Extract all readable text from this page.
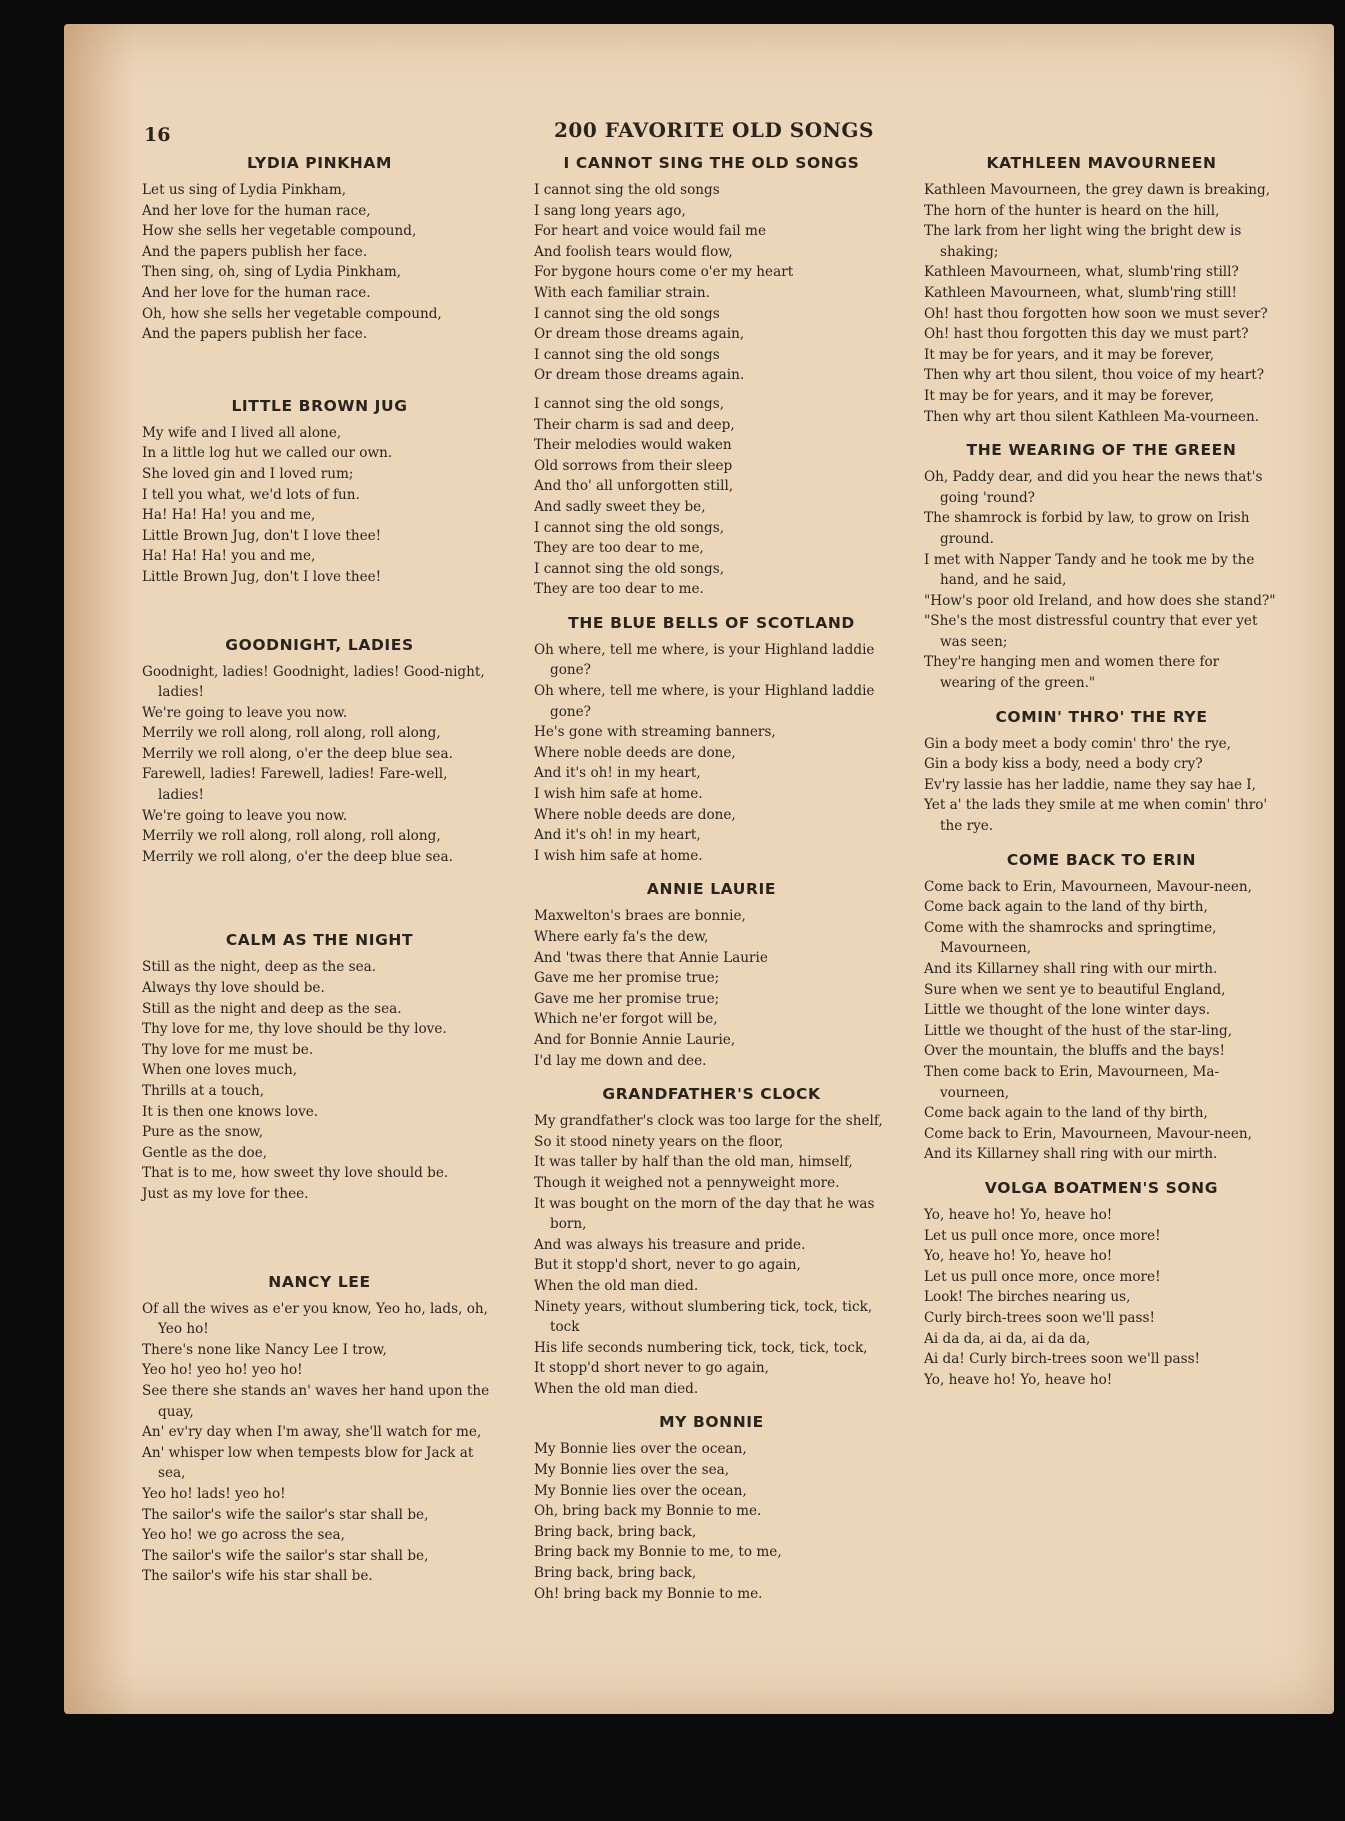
16	200 FAVORITE OLD SONGS
LYDIA PINKHAM
Let us sing of Lydia Pinkham,
And her love for the human race,
How she sells her vegetable compound,
And the papers publish her face.
Then sing, oh, sing of Lydia Pinkham,
And her love for the human race.
Oh, how she sells her vegetable compound,
And the papers publish her face.
LITTLE BROWN JUG
My wife and I lived all alone,
In a little log hut we called our own.
She loved gin and I loved rum;
I tell you what, we'd lots of fun.
Ha! Ha! Ha! you and me,
Little Brown Jug, don't I love thee!
Ha! Ha! Ha! you and me,
Little Brown Jug, don't I love thee!
GOODNIGHT, LADIES
Goodnight, ladies! Goodnight, ladies! Good-night, ladies!
We're going to leave you now.
Merrily we roll along, roll along, roll along,
Merrily we roll along, o'er the deep blue sea.
Farewell, ladies! Farewell, ladies! Fare-well, ladies!
We're going to leave you now.
Merrily we roll along, roll along, roll along,
Merrily we roll along, o'er the deep blue sea.
CALM AS THE NIGHT
Still as the night, deep as the sea.
Always thy love should be.
Still as the night and deep as the sea.
Thy love for me, thy love should be thy love.
Thy love for me must be.
When one loves much,
Thrills at a touch,
It is then one knows love.
Pure as the snow,
Gentle as the doe,
That is to me, how sweet thy love should be.
Just as my love for thee.
NANCY LEE
Of all the wives as e'er you know, Yeo ho, lads, oh, Yeo ho!
There's none like Nancy Lee I trow,
Yeo ho! yeo ho! yeo ho!
See there she stands an' waves her hand upon the quay,
An' ev'ry day when I'm away, she'll watch for me,
An' whisper low when tempests blow for Jack at sea,
Yeo ho! lads! yeo ho!
The sailor's wife the sailor's star shall be,
Yeo ho! we go across the sea,
The sailor's wife the sailor's star shall be,
The sailor's wife his star shall be.
I CANNOT SING THE OLD SONGS
I cannot sing the old songs
I sang long years ago,
For heart and voice would fail me
And foolish tears would flow,
For bygone hours come o'er my heart
With each familiar strain.
I cannot sing the old songs
Or dream those dreams again,
I cannot sing the old songs
Or dream those dreams again.
I cannot sing the old songs,
Their charm is sad and deep,
Their melodies would waken
Old sorrows from their sleep
And tho' all unforgotten still,
And sadly sweet they be,
I cannot sing the old songs,
They are too dear to me,
I cannot sing the old songs,
They are too dear to me.
THE BLUE BELLS OF SCOTLAND
Oh where, tell me where, is your Highland laddie gone?
Oh where, tell me where, is your Highland laddie gone?
He's gone with streaming banners,
Where noble deeds are done,
And it's oh! in my heart,
I wish him safe at home.
Where noble deeds are done,
And it's oh! in my heart,
I wish him safe at home.
ANNIE LAURIE
Maxwelton's braes are bonnie,
Where early fa's the dew,
And 'twas there that Annie Laurie
Gave me her promise true;
Gave me her promise true;
Which ne'er forgot will be,
And for Bonnie Annie Laurie,
I'd lay me down and dee.
GRANDFATHER'S CLOCK
My grandfather's clock was too large for the shelf,
So it stood ninety years on the floor,
It was taller by half than the old man, himself,
Though it weighed not a pennyweight more.
It was bought on the morn of the day that he was born,
And was always his treasure and pride.
But it stopp'd short, never to go again,
When the old man died.
Ninety years, without slumbering tick, tock, tick, tock
His life seconds numbering tick, tock, tick, tock,
It stopp'd short never to go again,
When the old man died.
MY BONNIE
My Bonnie lies over the ocean,
My Bonnie lies over the sea,
My Bonnie lies over the ocean,
Oh, bring back my Bonnie to me.
Bring back, bring back,
Bring back my Bonnie to me, to me,
Bring back, bring back,
Oh! bring back my Bonnie to me.
KATHLEEN MAVOURNEEN
Kathleen Mavourneen, the grey dawn is breaking,
The horn of the hunter is heard on the hill,
The lark from her light wing the bright dew is shaking;
Kathleen Mavourneen, what, slumb'ring still?
Kathleen Mavourneen, what, slumb'ring still!
Oh! hast thou forgotten how soon we must sever?
Oh! hast thou forgotten this day we must part?
It may be for years, and it may be forever,
Then why art thou silent, thou voice of my heart?
It may be for years, and it may be forever,
Then why art thou silent Kathleen Ma-vourneen.
THE WEARING OF THE GREEN
Oh, Paddy dear, and did you hear the news that's going 'round?
The shamrock is forbid by law, to grow on Irish ground.
I met with Napper Tandy and he took me by the hand, and he said,
"How's poor old Ireland, and how does she stand?"
"She's the most distressful country that ever yet was seen;
They're hanging men and women there for wearing of the green."
COMIN' THRO' THE RYE
Gin a body meet a body comin' thro' the rye,
Gin a body kiss a body, need a body cry?
Ev'ry lassie has her laddie, name they say hae I,
Yet a' the lads they smile at me when comin' thro' the rye.
COME BACK TO ERIN
Come back to Erin, Mavourneen, Mavour-neen,
Come back again to the land of thy birth,
Come with the shamrocks and springtime, Mavourneen,
And its Killarney shall ring with our mirth.
Sure when we sent ye to beautiful England,
Little we thought of the lone winter days.
Little we thought of the hust of the star-ling,
Over the mountain, the bluffs and the bays!
Then come back to Erin, Mavourneen, Ma-vourneen,
Come back again to the land of thy birth,
Come back to Erin, Mavourneen, Mavour-neen,
And its Killarney shall ring with our mirth.
VOLGA BOATMEN'S SONG
Yo, heave ho! Yo, heave ho!
Let us pull once more, once more!
Yo, heave ho! Yo, heave ho!
Let us pull once more, once more!
Look! The birches nearing us,
Curly birch-trees soon we'll pass!
Ai da da, ai da, ai da da,
Ai da! Curly birch-trees soon we'll pass!
Yo, heave ho! Yo, heave ho!
